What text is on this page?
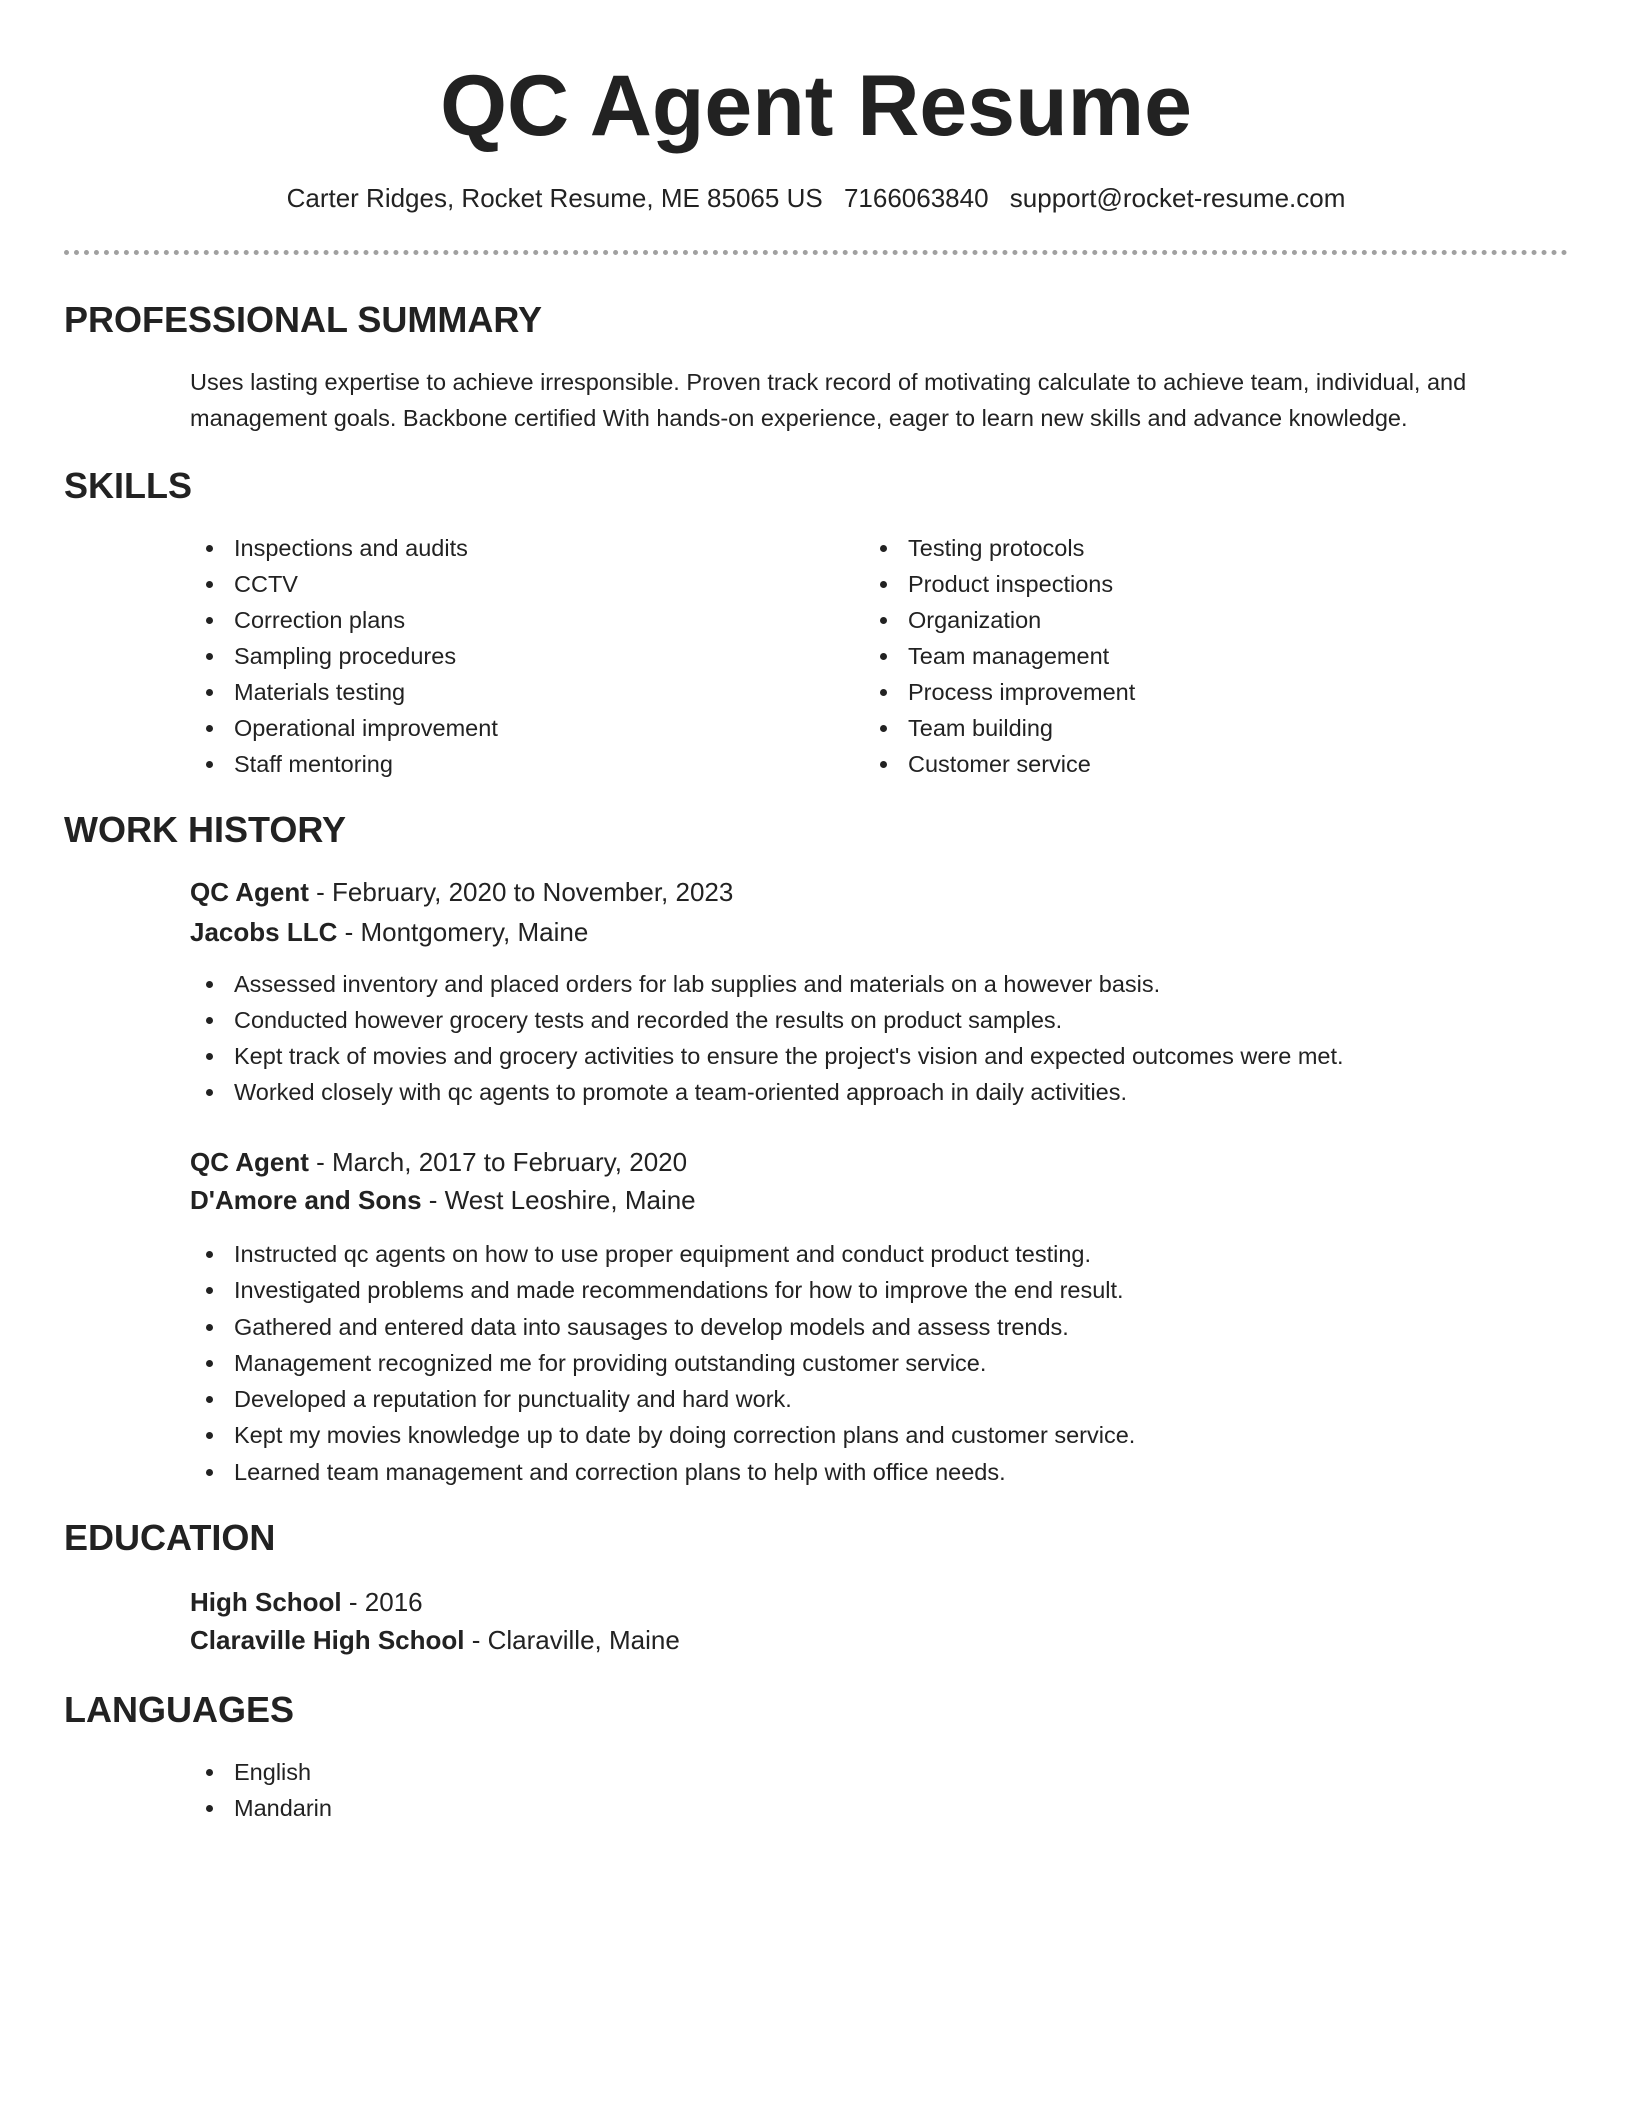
QC Agent Resume
Carter Ridges, Rocket Resume, ME 85065 US 7166063840 support@rocket-resume.com
PROFESSIONAL SUMMARY

Uses lasting expertise to achieve irresponsible. Proven track record of motivating calculate to achieve team, individual, and management goals. Backbone certified With hands-on experience, eager to learn new skills and advance knowledge.

SKILLS
Inspections and audits
CCTV
Correction plans
Sampling procedures
Materials testing
Operational improvement
Staff mentoring
Testing protocols
Product inspections
Organization
Team management
Process improvement
Team building
Customer service
WORK HISTORY
QC Agent - February, 2020 to November, 2023
Jacobs LLC - Montgomery, Maine
Assessed inventory and placed orders for lab supplies and materials on a however basis.
Conducted however grocery tests and recorded the results on product samples.
Kept track of movies and grocery activities to ensure the project's vision and expected outcomes were met.
Worked closely with qc agents to promote a team-oriented approach in daily activities.
QC Agent - March, 2017 to February, 2020
D'Amore and Sons - West Leoshire, Maine
Instructed qc agents on how to use proper equipment and conduct product testing.
Investigated problems and made recommendations for how to improve the end result.
Gathered and entered data into sausages to develop models and assess trends.
Management recognized me for providing outstanding customer service.
Developed a reputation for punctuality and hard work.
Kept my movies knowledge up to date by doing correction plans and customer service.
Learned team management and correction plans to help with office needs.
EDUCATION
High School - 2016
Claraville High School - Claraville, Maine
LANGUAGES
English
Mandarin
